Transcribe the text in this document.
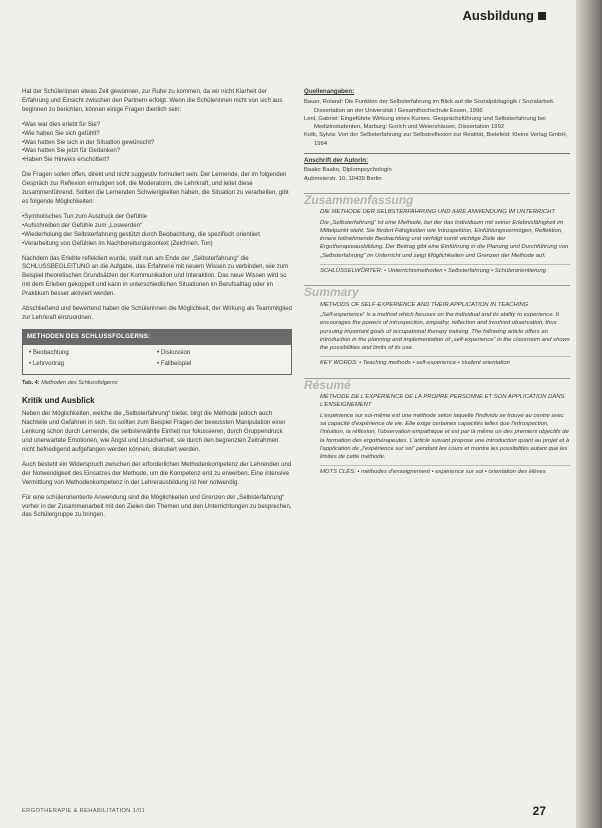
Ausbildung

Hat der Schülerinnen etwas Zeit gewonnen, zur Ruhe zu kommen, da wir nicht Klarheit der Erfahrung und Einsicht zwischen den Partnern erfolgt. Wenn die Schülerinnen nicht von sich aus beginnen zu berichten, können einige Fragen dienlich sein:

• Was war dies erlebt für Sie?
• Wie haben Sie sich gefühlt?
• Was hatten Sie sich in der Situation gewünscht?
• Was hatten Sie jetzt für Gedanken?
• Haben Sie Hinweis erschüttert?

Die Fragen sollen offen, direkt und nicht suggestiv formuliert sein. Der Lernende, der im folgenden Gespräch zur Reflexion ermutigen soll, die Moderatorin, die Lehrkraft, und leitet diese zusammenführend. Sollten die Lernenden Schwierigkeiten haben, die Situation zu verarbeiten, gibt es folgende Möglichkeiten:

• Symbolisches Tun zum Ausdruck der Gefühle
• Aufschreiben der Gefühle zum „Loswerden“
• Wiederholung der Selbsterfahrung gestützt durch Beobachtung, die spezifisch orientiert
• Verarbeitung von Gefühlen im Nachbereitungskontext (Zeichnen, Ton)

Nachdem das Erlebte reflektiert wurde, stellt nun am Ende der „Selbsterfahrung“ die SCHLUSSBEGLEITUNG an die Aufgabe, das Erfahrene mit neuem Wissen zu verbinden, wie zum Beispiel theoretischen Grundsätzen der Kommunikation und Interaktion. Das neue Wissen wird so mit dem Erleben gekoppelt und kann in unterschiedlichen Situationen im Berufsalltag oder im Praktikum besser aktiviert werden.

Abschließend und bewertend haben die Schülerinnen die Möglichkeit, der Wirkung als Teammitglied zur Lehrkraft einzuordnen.

METHODEN DES SCHLUSSFOLGERNS:
• Beobachtung	• Diskussion
• Lehrvortrag	• Fallbeispiel
Tab. 4: Methoden des Schlussfolgerns
Kritik und Ausblick

Neben der Möglichkeiten, welche die „Selbsterfahrung“ bietet, birgt die Methode jedoch auch Nachteile und Gefahren in sich. So sollten zum Beispiel Fragen der bewussten Manipulation einer Lenkung schon durch Lernende, die selbsterwählte Einheit nur fokussieren, durch Gruppendruck und unerwartete Emotionen, wie Angst und Unsicherheit, sie durch den begrenzten Zeitrahmen nicht befriedigend aufgefangen werden können, diskutiert werden.

Auch besteht ein Widerspruch zwischen der erforderlichen Methodenkompetenz der Lehrenden und der Notwendigkeit des Einsatzes der Methode, um die Kompetenz erst zu erwerben. Eine intensive Vermittlung von Methodenkompetenz in der Lehrerausbildung ist hier notwendig.

Für eine schülerorientierte Anwendung sind die Möglichkeiten und Grenzen der „Selbsterfahrung“ vorher in der Zusammenarbeit mit den Zielen den Themen und den Unterrichtungen zu besprechen, das Schülergruppe zu bringen.

Quellenangaben:

Bauer, Roland: Die Funktion der Selbsterfahrung im Blick auf die Sozialpädagogik / Sozialarbeit. Dissertation an der Universität / Gesamthochschule Essen, 1996

Lenl, Gabriel: Eingeführte Wirkung eines Kurses. Gesprächsführung und Selbsterfahrung bei Medizinstudenten, Marburg: Gorich und Weiershäuser, Dissertation 1992

Kolb, Sylvia: Von der Selbsterfahrung zur Selbstreflexion zur Realität, Bielefeld: Kleine Verlag GmbH, 1994

Anschrift der Autorin:

Baako Baako, Diplompsychologin

Aubmeierstr. 10, 10439 Berlin

Zusammenfassung

DIE METHODE DER SELBSTERFAHRUNG UND IHRE ANWENDUNG IM UNTERRICHT

Die „Selbsterfahrung“ ist eine Methode, bei der das Individuum mit seiner Erlebnisfähigkeit im Mittelpunkt steht. Sie fördert Fähigkeiten wie Introspektion, Einfühlungsvermögen, Reflektion, innere teilnehmende Beobachtung und verfolgt somit wichtige Ziele der Ergotherapieausbildung. Der Beitrag gibt eine Einführung in die Planung und Durchführung von „Selbsterfahrung“ im Unterricht und zeigt Möglichkeiten und Grenzen der Methode auf.

SCHLÜSSELWÖRTER: • Unterrichtsmethoden • Selbsterfahrung • Schülerorientierung

Summary

METHODS OF SELF-EXPERIENCE AND THEIR APPLICATION IN TEACHING

„Self-experience“ is a method which focuses on the individual and its ability to experience. It encourages the powers of introspection, empathy, reflection and involved observation, thus pursuing important goals of occupational therapy training. The following article offers an introduction in the planning and implementation of „self-experience“ in the classroom and shows the possibilities and limits of its use.

KEY WORDS: • Teaching methods • self-experience • student orientation

Résumé

MÉTHODE DE L'EXPÉRIENCE DE LA PROPRE PERSONNE ET SON APPLICATION DANS L'ENSEIGNEMENT

L'expérience sur soi-même est une méthode selon laquelle l'individu se trouve au centre avec sa capacité d'expérience de vie. Elle exige certaines capacités telles que l'introspection, l'intuition, la réflexion, l'observation empathique et est par là même un des premiers objectifs de la formation des ergothérapeutes. L'article suivant propose une introduction quant au projet et à l'application de „l'expérience sur soi“ pendant les cours et montre les possibilités autant que les limites de cette méthode.

MOTS CLÉS: • méthodes d'enseignement • expérience sur soi • orientation des élèves

ERGOTHERAPIE & REHABILITATION 1/01	27
